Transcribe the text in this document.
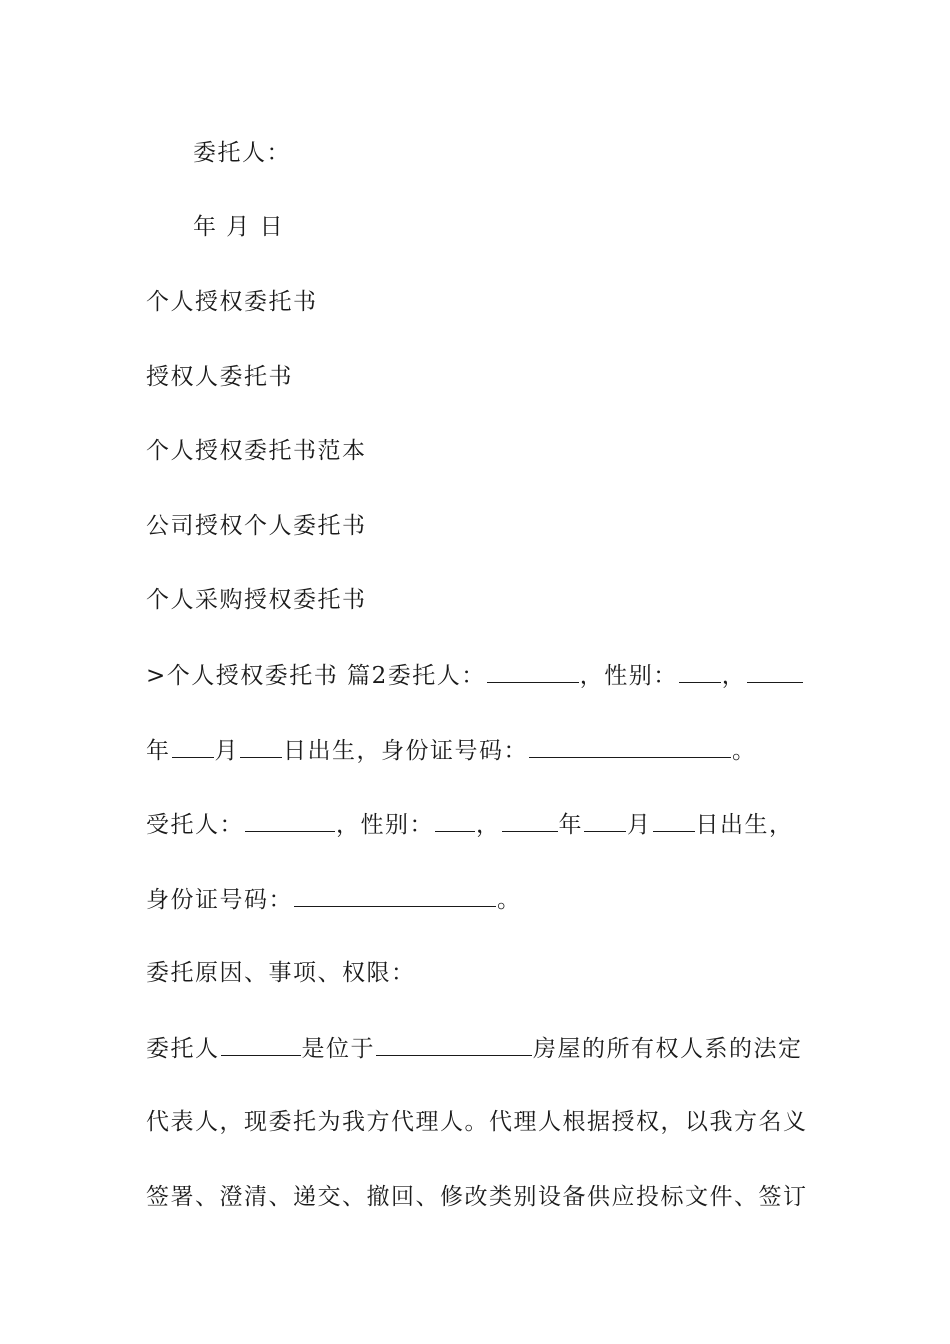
委托人：
年 月 日
个人授权委托书
授权人委托书
个人授权委托书范本
公司授权个人委托书
个人采购授权委托书
>个人授权委托书 篇2委托人：	，性别： ，
年 月 日出生，身份证号码：	。
受托人：	，性别： ，	年 月 日出生，
身份证号码：	。
委托原因、事项、权限：
委托人	是位于	房屋的所有权人系的法定
代表人，现委托为我方代理人。代理人根据授权，以我方名义
签署、澄清、递交、撤回、修改类别设备供应投标文件、签订
